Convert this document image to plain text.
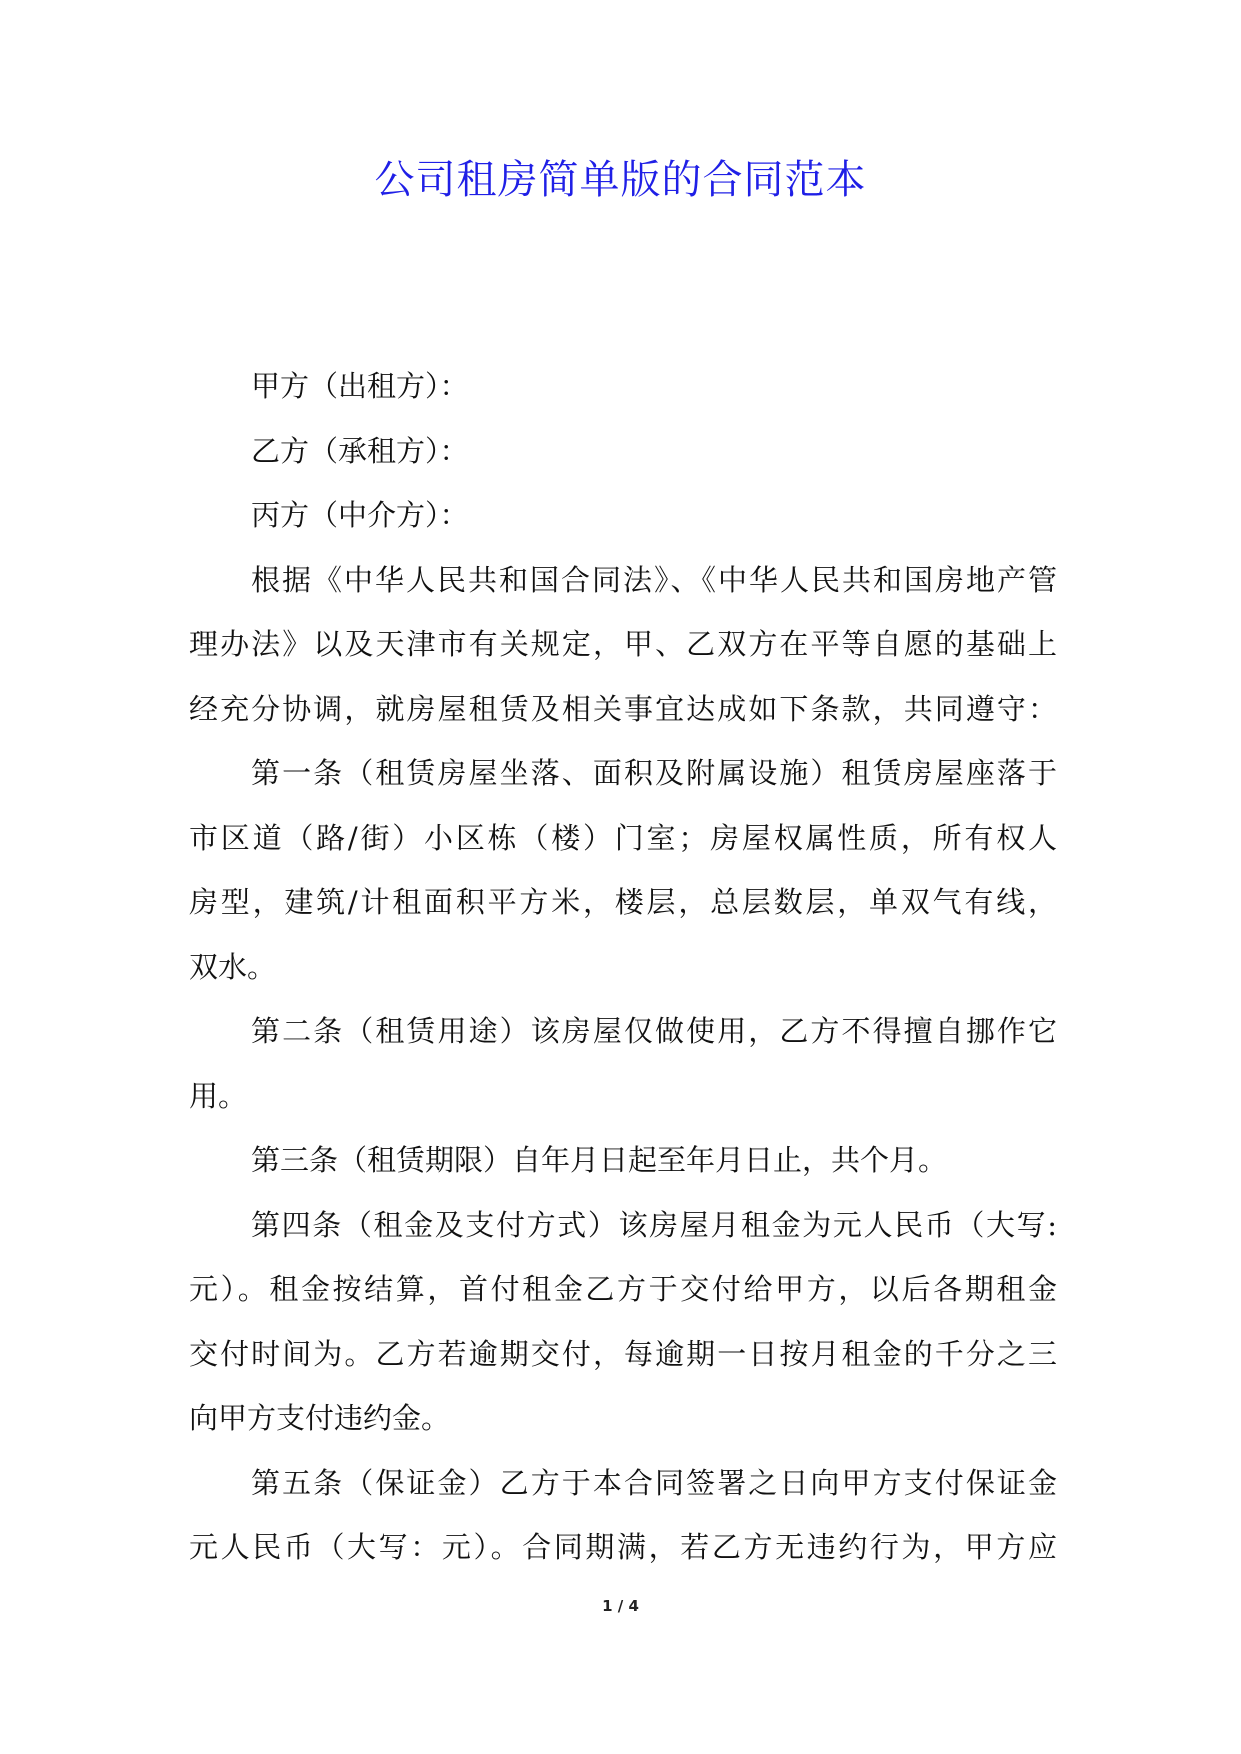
公司租房简单版的合同范本
甲方（出租方）：
乙方（承租方）：
丙方（中介方）：
根据《中华人民共和国合同法》、《中华人民共和国房地产管
理办法》以及天津市有关规定，甲、乙双方在平等自愿的基础上
经充分协调，就房屋租赁及相关事宜达成如下条款，共同遵守：
第一条（租赁房屋坐落、面积及附属设施）租赁房屋座落于
市区道（路/街）小区栋（楼）门室；房屋权属性质，所有权人
房型，建筑/计租面积平方米，楼层，总层数层，单双气有线，
双水。
第二条（租赁用途）该房屋仅做使用，乙方不得擅自挪作它
用。
第三条（租赁期限）自年月日起至年月日止，共个月。
第四条（租金及支付方式）该房屋月租金为元人民币（大写:
元）。租金按结算，首付租金乙方于交付给甲方，以后各期租金
交付时间为。乙方若逾期交付，每逾期一日按月租金的千分之三
向甲方支付违约金。
第五条（保证金）乙方于本合同签署之日向甲方支付保证金
元人民币（大写：元）。合同期满，若乙方无违约行为，甲方应
1 / 4
